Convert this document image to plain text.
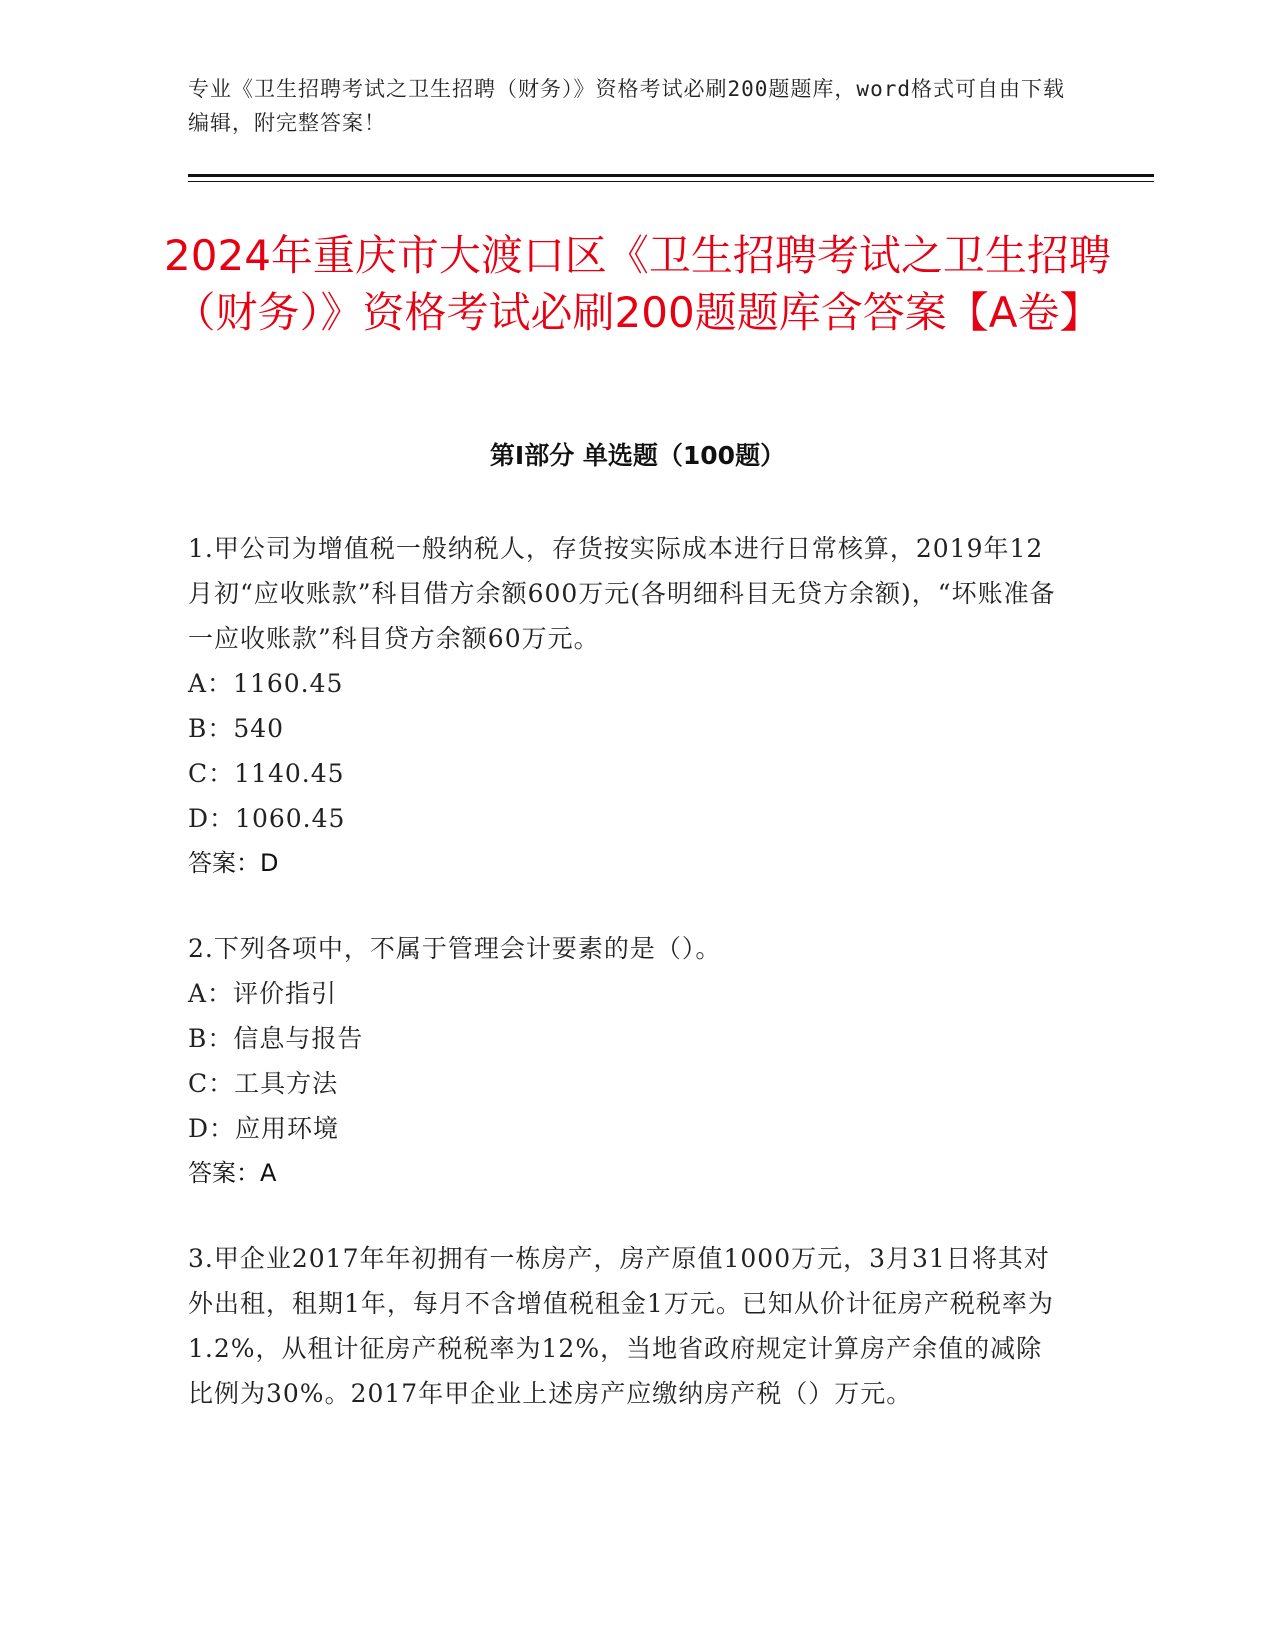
专业《卫生招聘考试之卫生招聘（财务）》资格考试必刷200题题库，word格式可自由下载编辑，附完整答案！
2024年重庆市大渡口区《卫生招聘考试之卫生招聘（财务）》资格考试必刷200题题库含答案【A卷】
第Ⅰ部分 单选题（100题）
1.甲公司为增值税一般纳税人，存货按实际成本进行日常核算，2019年12月初“应收账款”科目借方余额600万元(各明细科目无贷方余额)，“坏账准备一应收账款”科目贷方余额60万元。
A：1160.45
B：540
C：1140.45
D：1060.45
答案：D
2.下列各项中，不属于管理会计要素的是（）。
A：评价指引
B：信息与报告
C：工具方法
D：应用环境
答案：A
3.甲企业2017年年初拥有一栋房产，房产原值1000万元，3月31日将其对外出租，租期1年，每月不含增值税租金1万元。已知从价计征房产税税率为1.2%，从租计征房产税税率为12%，当地省政府规定计算房产余值的减除比例为30%。2017年甲企业上述房产应缴纳房产税（）万元。
